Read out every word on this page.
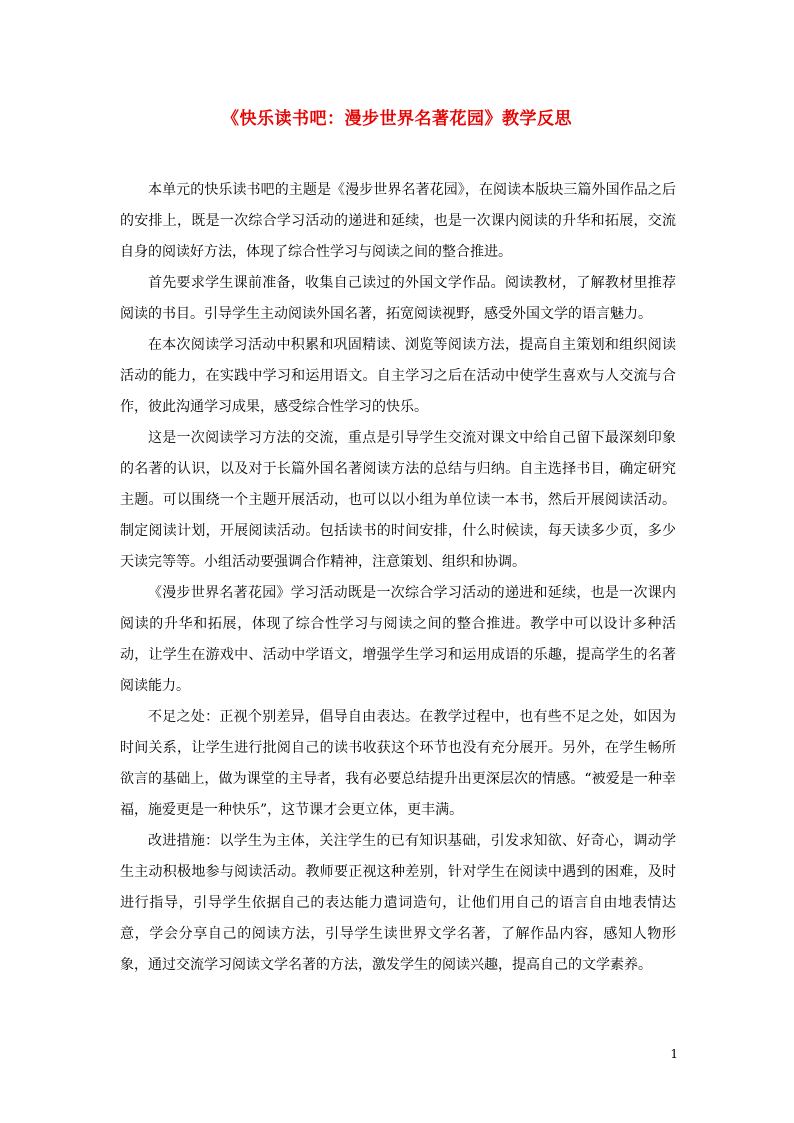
《快乐读书吧：漫步世界名著花园》教学反思

本单元的快乐读书吧的主题是《漫步世界名著花园》，在阅读本版块三篇外国作品之后的安排上，既是一次综合学习活动的递进和延续，也是一次课内阅读的升华和拓展，交流自身的阅读好方法，体现了综合性学习与阅读之间的整合推进。

首先要求学生课前准备，收集自己读过的外国文学作品。阅读教材，了解教材里推荐阅读的书目。引导学生主动阅读外国名著，拓宽阅读视野，感受外国文学的语言魅力。

在本次阅读学习活动中积累和巩固精读、浏览等阅读方法，提高自主策划和组织阅读活动的能力，在实践中学习和运用语文。自主学习之后在活动中使学生喜欢与人交流与合作，彼此沟通学习成果，感受综合性学习的快乐。

这是一次阅读学习方法的交流，重点是引导学生交流对课文中给自己留下最深刻印象的名著的认识，以及对于长篇外国名著阅读方法的总结与归纳。自主选择书目，确定研究主题。可以围绕一个主题开展活动，也可以以小组为单位读一本书，然后开展阅读活动。制定阅读计划，开展阅读活动。包括读书的时间安排，什么时候读，每天读多少页，多少天读完等等。小组活动要强调合作精神，注意策划、组织和协调。

《漫步世界名著花园》学习活动既是一次综合学习活动的递进和延续，也是一次课内阅读的升华和拓展，体现了综合性学习与阅读之间的整合推进。教学中可以设计多种活动，让学生在游戏中、活动中学语文，增强学生学习和运用成语的乐趣，提高学生的名著阅读能力。

不足之处：正视个别差异，倡导自由表达。在教学过程中，也有些不足之处，如因为时间关系，让学生进行批阅自己的读书收获这个环节也没有充分展开。另外，在学生畅所欲言的基础上，做为课堂的主导者，我有必要总结提升出更深层次的情感。“被爱是一种幸福，施爱更是一种快乐”，这节课才会更立体，更丰满。

改进措施：以学生为主体，关注学生的已有知识基础，引发求知欲、好奇心，调动学生主动积极地参与阅读活动。教师要正视这种差别，针对学生在阅读中遇到的困难，及时进行指导，引导学生依据自己的表达能力遣词造句，让他们用自己的语言自由地表情达意，学会分享自己的阅读方法，引导学生读世界文学名著，了解作品内容，感知人物形象，通过交流学习阅读文学名著的方法，激发学生的阅读兴趣，提高自己的文学素养。

1
